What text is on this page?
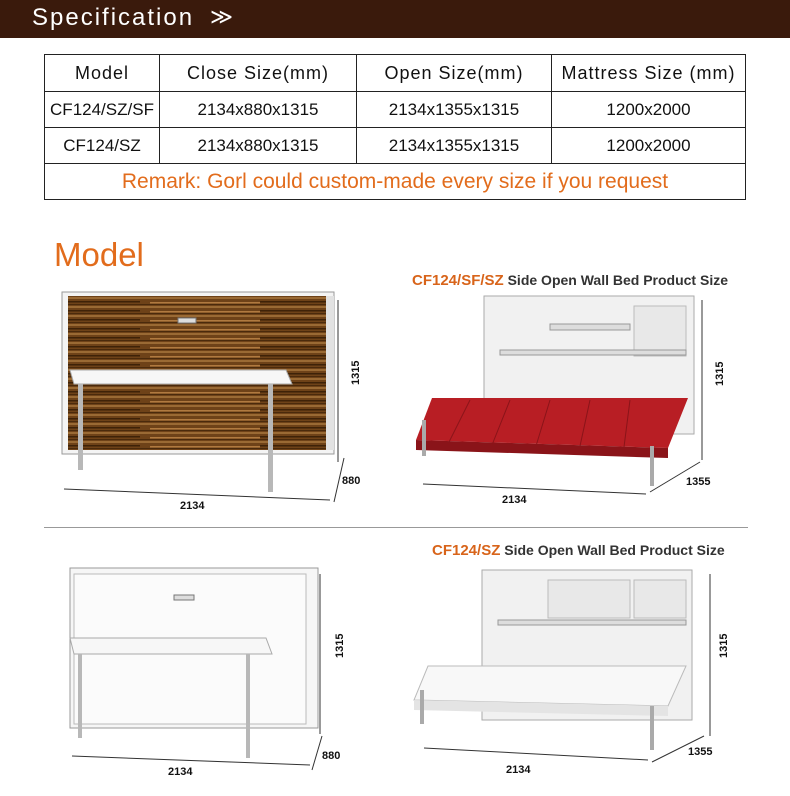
Specification ≫
Model	Close Size(mm)	Open Size(mm)	Mattress Size (mm)
CF124/SZ/SF	2134x880x1315	2134x1355x1315	1200x2000
CF124/SZ	2134x880x1315	2134x1355x1315	1200x2000
Remark: Gorl could custom-made every size if you request			
Model
CF124/SF/SZ Side Open Wall Bed Product Size
CF124/SZ Side Open Wall Bed Product Size
2134
1315
880
2134
1315
1355
2134
1315
880
2134
1315
1355
